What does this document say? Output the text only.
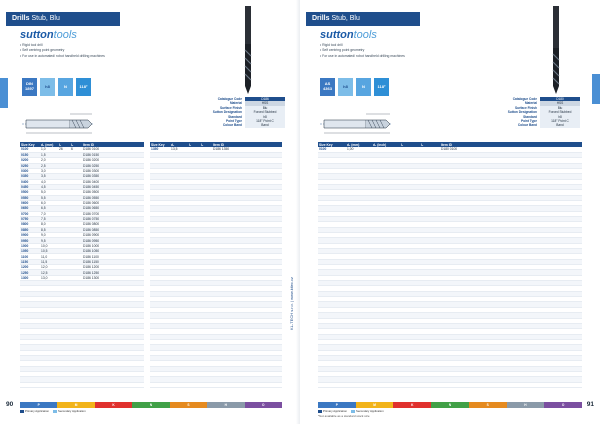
Drills Stub, Blu
suttontools
• Rigid tool drill
• Self centring point geometry
• For use in automated/ robot handheld drilling machines
DIN 1897	h8	N	118°
Catalogue Code	D186
Material	HSS
Surface Finish	Blu
Sutton Designation	Forced Stubbed
Standard	h8
Point Type	118° Point C
Colour Band	Band
Size Key	d₁ (mm)	l₁	l₂	Item ID
0100	1,0	26	6	D186 0100
0150	1,5			D186 0150
0200	2,0			D186 0200
0250	2,5			D186 0250
0300	3,0			D186 0300
0350	3,5			D186 0350
0400	4,0			D186 0400
0450	4,5			D186 0450
0500	5,0			D186 0500
0550	5,5			D186 0550
0600	6,0			D186 0600
0650	6,5			D186 0650
0700	7,0			D186 0700
0750	7,5			D186 0750
0800	8,0			D186 0800
0850	8,5			D186 0850
0900	9,0			D186 0900
0950	9,5			D186 0950
1000	10,0			D186 1000
1050	10,5			D186 1050
1100	11,0			D186 1100
1150	11,5			D186 1150
1200	12,0			D186 1200
1250	12,5			D186 1250
1300	13,0			D186 1300

Size Key	d₁	l₁	l₂	Item ID
1350	13,5			D186 1350

KL-TECH s.r.o. | www.kltec.cz
P	M	K	N	S	H	O
Primary Application	Secondary Application
90
Drills Stub, Blu
suttontools
• Rigid tool drill
• Self centring point geometry
• For use in automated/ robot handheld drilling machines
AS 4363	h8	N	118°
Catalogue Code	D180
Material	HSS
Surface Finish	Blu
Sutton Designation	Forced Stubbed
Standard	h8
Point Type	118° Point C
Colour Band	Band
Size Key	d₁ (mm)	d₁ (inch)	l₁	l₂	Item ID
0100	1,00				D180 0100

P	M	K	N	S	H	O
Primary Application	Secondary Application
*Not available as a standard stock size
91
